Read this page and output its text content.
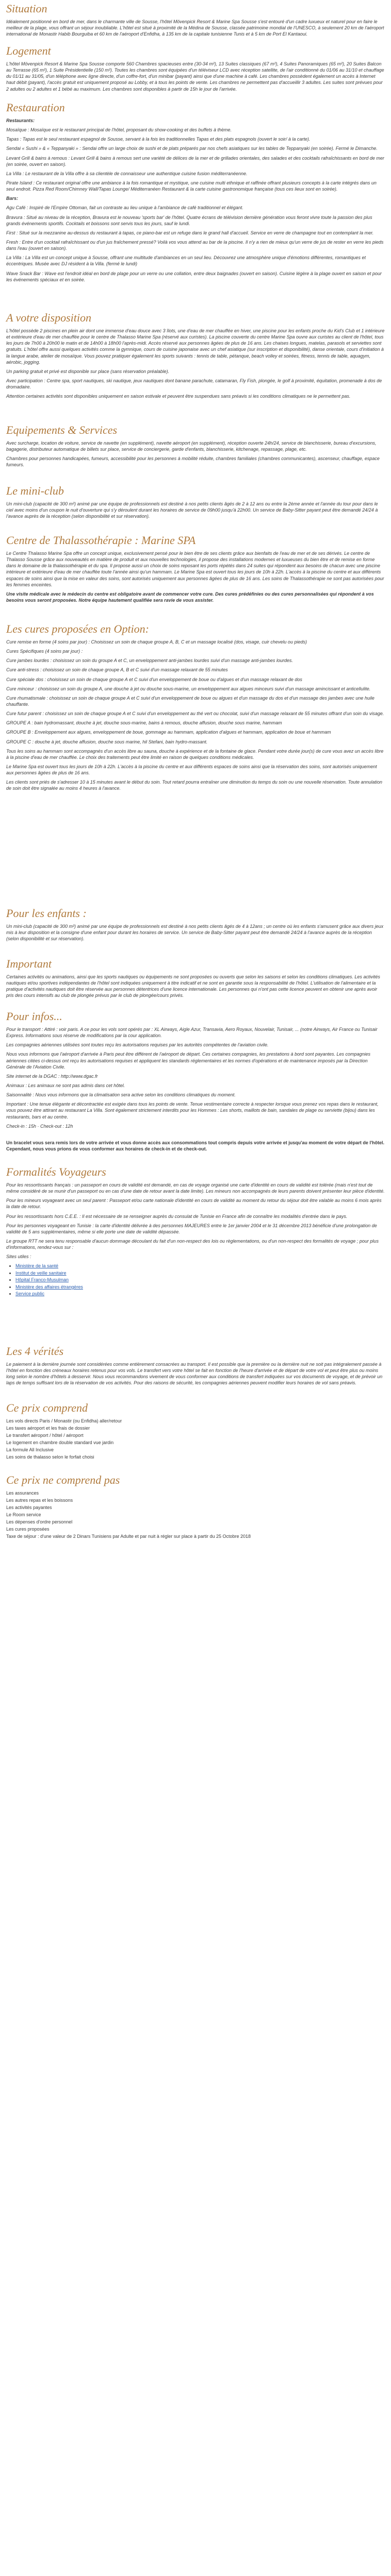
Situation

Idéalement positionné en bord de mer, dans le charmante ville de Sousse, l'hôtel Mövenpick Resort & Marine Spa Sousse s'est entouré d'un cadre luxueux et naturel pour en faire le meilleur de la plage, vous offrant un séjour inoubliable. L'hôtel est situé à proximité de la Médina de Sousse, classée patrimoine mondial de l'UNESCO, à seulement 20 km de l'aéroport international de Monastir Habib Bourguiba et 60 km de l'aéroport d'Enfidha, à 135 km de la capitale tunisienne Tunis et à 5 km de Port El Kantaoui.

Logement

L'hôtel Mövenpick Resort & Marine Spa Sousse comporte 560 Chambres spacieuses entre (30-34 m²), 13 Suites classiques (67 m²), 4 Suites Panoramiques (65 m²), 20 Suites Balcon au Terrasse (65 m²), 1 Suite Présidentielle (150 m²). Toutes les chambres sont équipées d'un téléviseur LCD avec réception satellite, de l'air conditionné du 01/06 au 31/10 et chauffage du 01/11 au 31/05, d'un téléphone avec ligne directe, d'un coffre-fort, d'un minibar (payant) ainsi que d'une machine à café. Les chambres possèdent également un accès à Internet haut débit (payant), l'accès gratuit est uniquement proposé au Lobby, et à tous les points de vente. Les chambres ne permettent pas d'accueillir 3 adultes. Les suites sont prévues pour 2 adultes ou 2 adultes et 1 bébé au maximum. Les chambres sont disponibles à partir de 15h le jour de l'arrivée.

Restauration

Restaurants:

Mosaïque : Mosaïque est le restaurant principal de l'hôtel, proposant du show-cooking et des buffets à thème.

Tapas : Tapas est le seul restaurant espagnol de Sousse, servant à la fois les traditionnelles Tapas et des plats espagnols (ouvert le soir/ à la carte).

Sendai « Sushi » & « Teppanyaki » : Sendai offre un large choix de sushi et de plats préparés par nos chefs asiatiques sur les tables de Teppanyaki (en soirée). Fermé le Dimanche.

Levant Grill & bains à remous : Levant Grill & bains à remous sert une variété de délices de la mer et de grillades orientales, des salades et des cocktails rafraîchissants en bord de mer (en soirée, ouvert en saison).

La Villa : Le restaurant de la Villa offre à sa clientèle de connaisseur une authentique cuisine fusion méditerranéenne.

Pirate Island : Ce restaurant original offre une ambiance à la fois romantique et mystique, une cuisine multi ethnique et raffinée offrant plusieurs concepts à la carte intégrés dans un seul endroit. Pizza Red Room/Chimney Wall/Tapas Lounge/ Méditerranéen Restaurant & la carte cuisine gastronomique française (tous ces lieux sont en soirée).

Bars:

Agu Café : Inspiré de l'Empire Ottoman, fait un contraste au lieu unique à l'ambiance de café traditionnel et élégant.

Bravura : Situé au niveau de la réception, Bravura est le nouveau 'sports bar' de l'hôtel. Quatre écrans de télévision dernière génération vous feront vivre toute la passion des plus grands événements sportifs. Cocktails et boissons sont servis tous les jours, sauf le lundi.

First : Situé sur la mezzanine au-dessus du restaurant à tapas, ce piano-bar est un refuge dans le grand hall d'accueil. Service en verre de champagne tout en contemplant la mer.

Fresh : Entre d'un cocktail rafraîchissant ou d'un jus fraîchement pressé? Voilà vos vous attend au bar de la piscine. Il n'y a rien de mieux qu'un verre de jus de rester en verre les pieds dans l'eau (ouvert en saison).

La Villa : La Villa est un concept unique à Sousse, offrant une multitude d'ambiances en un seul lieu. Découvrez une atmosphère unique d'émotions différentes, romantiques et éccentriques. Musée avec DJ résident à la Villa. (fermé le lundi)

Wave Snack Bar : Wave est l'endroit idéal en bord de plage pour un verre ou une collation, entre deux baignades (ouvert en saison). Cuisine légère à la plage ouvert en saison et pour les événements spéciaux et en soirée.

A votre disposition

L'hôtel possède 2 piscines en plein air dont une immense d'eau douce avec 3 îlots, une d'eau de mer chauffée en hiver, une piscine pour les enfants proche du Kid's Club et 1 intérieure et extérieure d'eau de mer chauffée pour le centre de Thalasso Marine Spa (réservé aux curistes). La piscine couverte du centre Marine Spa ouvre aux curistes au client de l'hôtel, tous les jours de 7h00 à 20h00 le matin et de 14h00 à 18h00 l'après-midi. Accès réservé aux personnes âgées de plus de 16 ans. Les chaises longues, matelas, parasols et serviettes sont gratuits. L'hôtel offre aussi quelques activités comme la gymnique, cours de cuisine japonaise avec un chef asiatique (sur inscription et disponibilité), danse orientale, cours d'initiation à la langue arabe, atelier de mosaïque. Vous pouvez pratiquer également les sports suivants : tennis de table, pétanque, beach volley et soirées, fitness, tennis de table, aquagym, aérobic, jogging.

Un parking gratuit et privé est disponible sur place (sans réservation préalable).

Avec participation : Centre spa, sport nautiques, ski nautique, jeux nautiques dont banane parachute, catamaran, Fly Fish, plongée, le golf à proximité, équitation, promenade à dos de dromadaire.

Attention certaines activités sont disponibles uniquement en saison estivale et peuvent être suspendues sans préavis si les conditions climatiques ne le permettent pas.

Equipements & Services

Avec surcharge, location de voiture, service de navette (en supplément), navette aéroport (en supplément), réception ouverte 24h/24, service de blanchisserie, bureau d'excursions, bagagerie, distributeur automatique de billets sur place, service de conciergerie, garde d'enfants, blanchisserie, kitchenage, repassage, plage, etc.

Chambres pour personnes handicapées, fumeurs, accessibilité pour les personnes à mobilité réduite, chambres familiales (chambres communicantes), ascenseur, chauffage, espace fumeurs.

Le mini-club

Un mini-club (capacité de 300 m²) animé par une équipe de professionnels est destiné à nos petits clients âgés de 2 à 12 ans ou entre la 2ème année et l'année du tour pour dans le ciel avec moins d'un coupon le nuit d'ouverture qui s'y déroulent durant les horaires de service de 09h00 jusqu'à 22h00. Un service de Baby-Sitter payant peut être demandé 24/24 à l'avance auprès de la réception (selon disponibilité et sur réservation).

Centre de Thalassothérapie : Marine SPA

Le Centre Thalasso Marine Spa offre un concept unique, exclusivement pensé pour le bien être de ses clients grâce aux bienfaits de l'eau de mer et de ses dérivés. Le centre de Thalasso Sousse grâce aux nouveautés en matière de produit et aux nouvelles technologies, il propose des installations modernes et luxueuses du bien être et de remise en forme dans le domaine de la thalassothérapie et du spa. Il propose aussi un choix de soins reposant les ports répétés dans 24 suites qui répondent aux besoins de chacun avec une piscine intérieure et extérieure d'eau de mer chauffée toute l'année ainsi qu'un hammam. Le Marine Spa est ouvert tous les jours de 10h à 22h. L'accès à la piscine du centre et aux différents espaces de soins ainsi que la mise en valeur des soins, sont autorisés uniquement aux personnes âgées de plus de 16 ans. Les soins de Thalassothérapie ne sont pas autorisées pour les femmes enceintes.

Une visite médicale avec le médecin du centre est obligatoire avant de commencer votre cure. Des cures prédéfinies ou des cures personnalisées qui répondent à vos besoins vous seront proposées. Notre équipe hautement qualifiée sera ravie de vous assister.

Les cures proposées en Option:

Cure remise en forme (4 soins par jour) : Choisissez un soin de chaque groupe A, B, C et un massage localisé (dos, visage, cuir chevelu ou pieds)

Cures Spécifiques (4 soins par jour) :

Cure jambes lourdes : choisissez un soin du groupe A et C, un enveloppement anti-jambes lourdes suivi d'un massage anti-jambes lourdes.

Cure anti-stress : choisissez un soin de chaque groupe A, B et C suivi d'un massage relaxant de 55 minutes

Cure spéciale dos : choisissez un soin de chaque groupe A et C suivi d'un enveloppement de boue ou d'algues et d'un massage relaxant de dos

Cure minceur : choisissez un soin du groupe A, une douche à jet ou douche sous-marine, un enveloppement aux algues minceurs suivi d'un massage amincissant et anticellulite.

Cure rhumatismale : choisissez un soin de chaque groupe A et C suivi d'un enveloppement de boue ou algues et d'un massage du dos et d'un massage des jambes avec une huile chauffante.

Cure futur parent : choisissez un soin de chaque groupe A et C suivi d'un enveloppement au thé vert ou chocolat, suivi d'un massage relaxant de 55 minutes offrant d'un soin du visage.

GROUPE A : bain hydromassant, douche à jet, douche sous-marine, bains à remous, douche affusion, douche sous marine, hammam

GROUPE B : Enveloppement aux algues, enveloppement de boue, gommage au hammam, application d'algues et hammam, application de boue et hammam

GROUPE C : douche à jet, douche affusion, douche sous marine, hil Stefani, bain hydro-massant.

Tous les soins au hammam sont accompagnés d'un accès libre au sauna, douche à expérience et de la fontaine de glace. Pendant votre durée jour(s) de cure vous avez un accès libre à la piscine d'eau de mer chauffée. Le choix des traitements peut être limité en raison de quelques conditions médicales.

Le Marine Spa est ouvert tous les jours de 10h à 22h. L'accès à la piscine du centre et aux différents espaces de soins ainsi que la réservation des soins, sont autorisés uniquement aux personnes âgées de plus de 16 ans.

Les clients sont priés de s'adresser 10 à 15 minutes avant le début du soin. Tout retard pourra entraîner une diminution du temps du soin ou une nouvelle réservation. Toute annulation de soin doit être signalée au moins 4 heures à l'avance.

Pour les enfants :

Un mini-club (capacité de 300 m²) animé par une équipe de professionnels est destiné à nos petits clients âgés de 4 à 12ans ; un centre où les enfants s'amusent grâce aux divers jeux mis à leur disposition et la consigne d'une enfant pour durant les horaires de service. Un service de Baby-Sitter payant peut être demandé 24/24 à l'avance auprès de la réception (selon disponibilité et sur réservation).

Important

Certaines activités ou animations, ainsi que les sports nautiques ou équipements ne sont proposées ou ouverts que selon les saisons et selon les conditions climatiques. Les activités nautiques et/ou sportives indépendantes de l'hôtel sont indiquées uniquement à titre indicatif et ne sont en garantie sous la responsabilité de l'hôtel. L'utilisation de l'alimentaire et la pratique d'activités nautiques doit être réservée aux personnes détentrices d'une licence internationale. Les personnes qui n'ont pas cette licence peuvent en obtenir une après avoir pris des cours intensifs au club de plongée prévus par le club de plongée/cours privés.

Pour infos...

Pour le transport : Attiré : voir paris. A ce pour les vols sont opérés par : XL Airways, Aigle Azur, Transavia, Aero Royaux, Nouvelair, Tunisair, ... (notre Airways, Air France ou Tunisair Express. Informations sous réserve de modifications par la cour application.

Les compagnies aériennes utilisées sont toutes reçu les autorisations requises par les autorités compétentes de l'aviation civile.

Nous vous informons que l'aéroport d'arrivée à Paris peut être différent de l'aéroport de départ. Ces certaines compagnies, les prestations à bord sont payantes. Les compagnies aériennes citées ci-dessus ont reçu les autorisations requises et appliquent les standards réglementaires et les normes d'opérations et de maintenance imposés par la Direction Générale de l'Aviation Civile.

Site internet de la DGAC : http://www.dgac.fr

Animaux : Les animaux ne sont pas admis dans cet hôtel.

Saisonnalité : Nous vous informons que la climatisation sera active selon les conditions climatiques du moment.

Important : Une tenue élégante et décontractée est exigée dans tous les points de vente. Tenue vestimentaire correcte à respecter lorsque vous prenez vos repas dans le restaurant, vous pouvez être attirant au restaurant La Villa. Sont également strictement interdits pour les Hommes : Les shorts, maillots de bain, sandales de plage ou serviette (bijou) dans les restaurants, bars et au centre.

Check-in : 15h · Check-out : 12h

Un bracelet vous sera remis lors de votre arrivée et vous donne accès aux consommations tout compris depuis votre arrivée et jusqu'au moment de votre départ de l'hôtel. Cependant, nous vous prions de vous conformer aux horaires de check-in et de check-out.

Formalités Voyageurs

Pour les ressortissants français : un passeport en cours de validité est demandé, en cas de voyage organisé une carte d'identité en cours de validité est tolérée (mais n'est tout de même considéré de se munir d'un passeport ou en cas d'une date de retour avant la date limite). Les mineurs non accompagnés de leurs parents doivent présenter leur pièce d'identité.

Pour les mineurs voyageant avec un seul parent : Passeport et/ou carte nationale d'identité en cours de validité au moment du retour du séjour doit être valable au moins 6 mois après la date de retour.

Pour les ressortissants hors C.E.E. : Il est nécessaire de se renseigner auprès du consulat de Tunisie en France afin de connaître les modalités d'entrée dans le pays.

Pour les personnes voyageant en Tunisie : la carte d'identité délivrée à des personnes MAJEURES entre le 1er janvier 2004 et le 31 décembre 2013 bénéficie d'une prolongation de validité de 5 ans supplémentaires, même si elle porte une date de validité dépassée.

Le groupe RTT ne sera tenu responsable d'aucun dommage découlant du fait d'un non-respect des lois ou règlementations, ou d'un non-respect des formalités de voyage ; pour plus d'informations, rendez-vous sur :

Sites utiles :

• Ministère de la santé
• Institut de veille sanitaire
• Hôpital Franco-Musulman
• Ministère des affaires étrangères
• Service public
Les 4 vérités

Le paiement à la dernière journée sont considérées comme entièrement consacrées au transport. Il est possible que la première ou la dernière nuit ne soit pas intégralement passée à l'hôtel en fonction des créneaux horaires retenus pour vos vols. Le transfert vers votre hôtel se fait en fonction de l'heure d'arrivée et de départ de votre vol et peut être plus ou moins long selon le nombre d'hôtels à desservir. Nous vous recommandons vivement de vous conformer aux conditions de transfert indiquées sur vos documents de voyage, et de prévoir un laps de temps suffisant lors de la réservation de vos activités. Pour des raisons de sécurité, les compagnies aériennes peuvent modifier leurs horaires de vol sans préavis.

Ce prix comprend
Les vols directs Paris / Monastir (ou Enfidha) aller/retour
Les taxes aéroport et les frais de dossier
Le transfert aéroport / hôtel / aéroport
Le logement en chambre double standard vue jardin
La formule All Inclusive
Les soins de thalasso selon le forfait choisi
Ce prix ne comprend pas
Les assurances
Les autres repas et les boissons
Les activités payantes
Le Room service
Les dépenses d'ordre personnel
Les cures proposées
Taxe de séjour : d'une valeur de 2 Dinars Tunisiens par Adulte et par nuit à régler sur place à partir du 25 Octobre 2018
